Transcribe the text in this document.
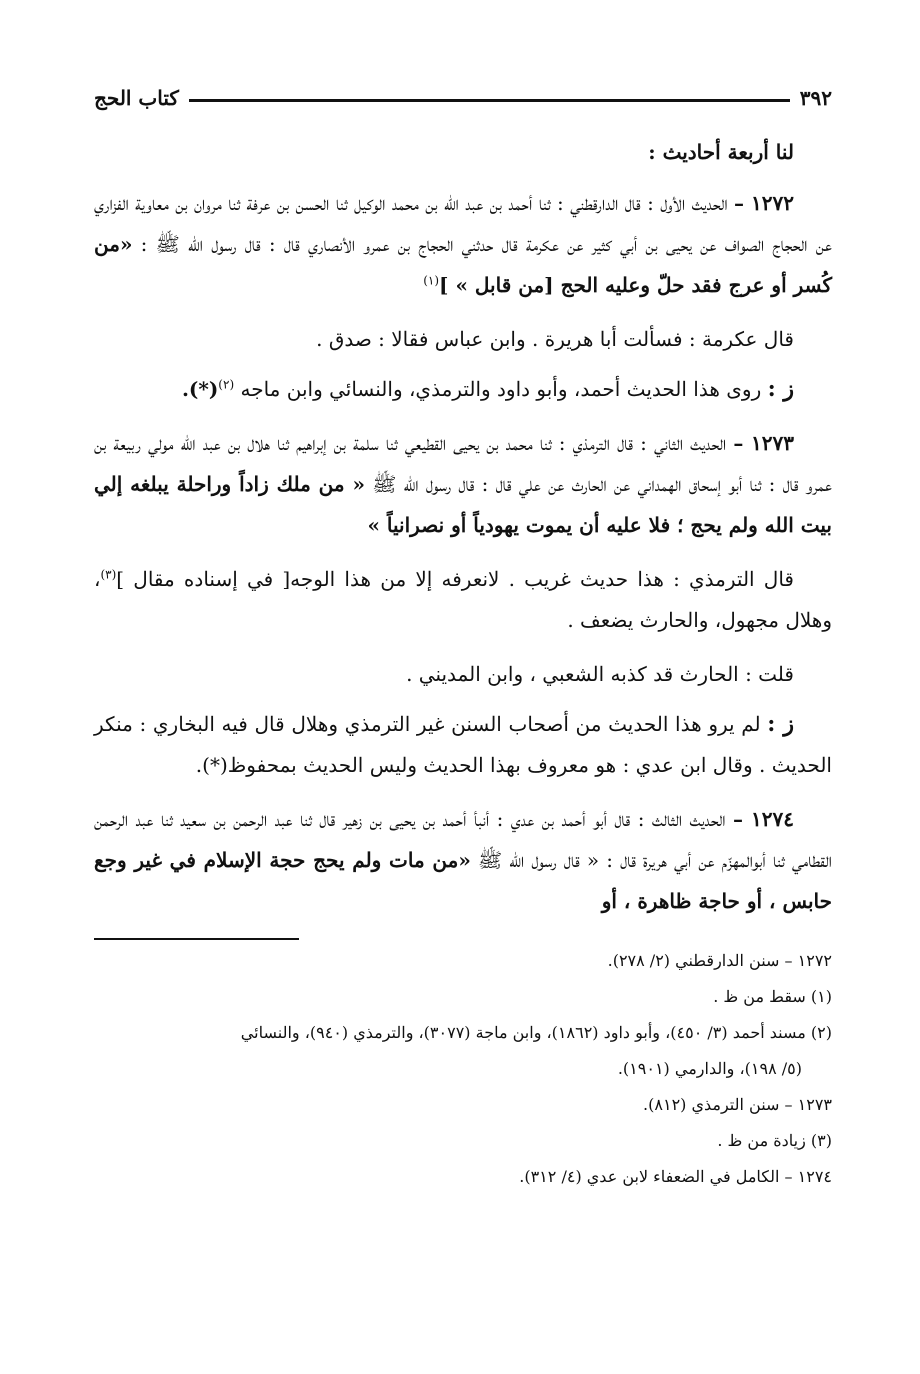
٣٩٢
كتاب الحج

لنا أربعة أحاديث :

١٢٧٢ – الحديث الأول : قال الدارقطني : ثنا أحمد بن عبد الله بن محمد الوكيل ثنا الحسن بن عرفة ثنا مروان بن معاوية الفزاري عن الحجاج الصواف عن يحيى بن أبي كثير عن عكرمة قال حدثني الحجاج بن عمرو الأنصاري قال : قال رسول الله ﷺ : «من كُسر أو عرج فقد حلّ وعليه الحج [من قابل » ]$^{(١)}$

قال عكرمة : فسألت أبا هريرة . وابن عباس فقالا : صدق .

ز : روى هذا الحديث أحمد، وأبو داود والترمذي، والنسائي وابن ماجه $^{(٢)}$(*).

١٢٧٣ – الحديث الثاني : قال الترمذي : ثنا محمد بن يحيى القطيعي ثنا سلمة بن إبراهيم ثنا هلال بن عبد الله مولي ربيعة بن عمرو قال : ثنا أبو إسحاق الهمداني عن الحارث عن علي قال : قال رسول الله ﷺ « من ملك زاداً وراحلة يبلغه إلي بيت الله ولم يحج ؛ فلا عليه أن يموت يهودياً أو نصرانياً »

قال الترمذي : هذا حديث غريب . لانعرفه إلا من هذا الوجه[ في إسناده مقال ]$^{(٣)}$، وهلال مجهول، والحارث يضعف .

قلت : الحارث قد كذبه الشعبي ، وابن المديني .

ز : لم يرو هذا الحديث من أصحاب السنن غير الترمذي وهلال قال فيه البخاري : منكر الحديث . وقال ابن عدي : هو معروف بهذا الحديث وليس الحديث بمحفوظ(*).

١٢٧٤ – الحديث الثالث : قال أبو أحمد بن عدي : أنبأ أحمد بن يحيى بن زهير قال ثنا عبد الرحمن بن سعيد ثنا عبد الرحمن القطامي ثنا أبوالمهزّم عن أبي هريرة قال : « قال رسول الله ﷺ «من مات ولم يحج حجة الإسلام في غير وجع حابس ، أو حاجة ظاهرة ، أو

١٢٧٢ – سنن الدارقطني (٢/ ٢٧٨).

(١) سقط من ظ .

(٢) مسند أحمد (٣/ ٤٥٠)، وأبو داود (١٨٦٢)، وابن ماجة (٣٠٧٧)، والترمذي (٩٤٠)، والنسائي

(٥/ ١٩٨)، والدارمي (١٩٠١).

١٢٧٣ – سنن الترمذي (٨١٢).

(٣) زيادة من ظ .

١٢٧٤ – الكامل في الضعفاء لابن عدي (٤/ ٣١٢).
